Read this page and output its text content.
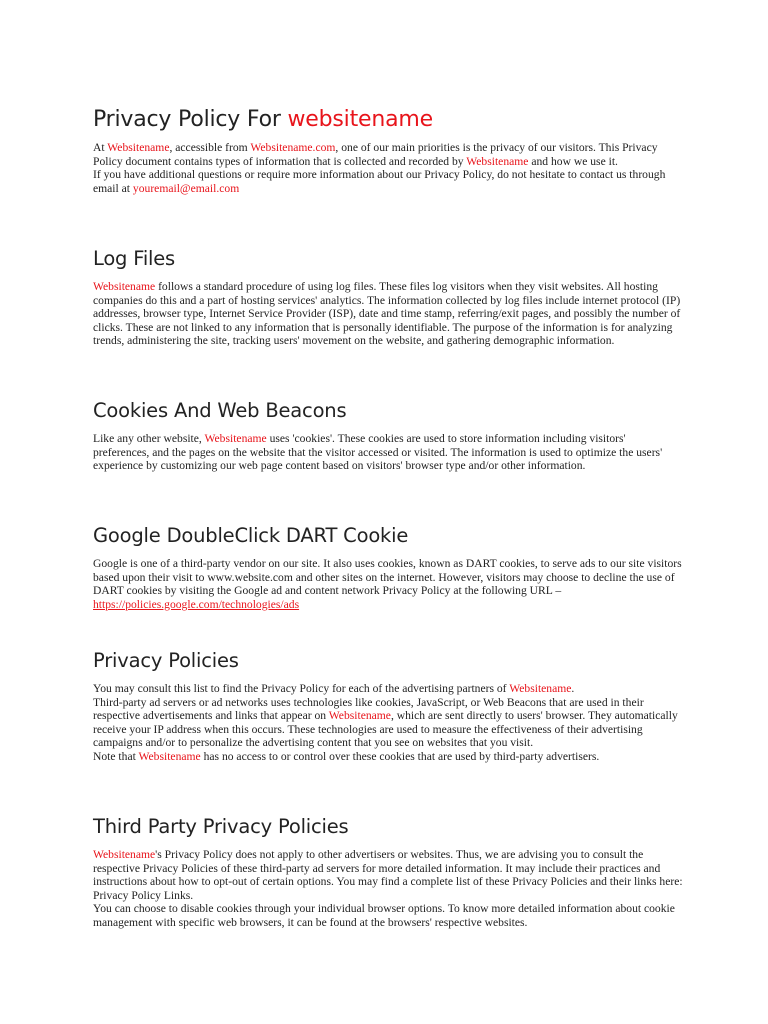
Privacy Policy For websitename

At Websitename, accessible from Websitename.com, one of our main priorities is the privacy of our visitors. This Privacy Policy document contains types of information that is collected and recorded by Websitename and how we use it.
If you have additional questions or require more information about our Privacy Policy, do not hesitate to contact us through email at youremail@email.com

Log Files

Websitename follows a standard procedure of using log files. These files log visitors when they visit websites. All hosting companies do this and a part of hosting services' analytics. The information collected by log files include internet protocol (IP) addresses, browser type, Internet Service Provider (ISP), date and time stamp, referring/exit pages, and possibly the number of clicks. These are not linked to any information that is personally identifiable. The purpose of the information is for analyzing trends, administering the site, tracking users' movement on the website, and gathering demographic information.

Cookies And Web Beacons

Like any other website, Websitename uses 'cookies'. These cookies are used to store information including visitors' preferences, and the pages on the website that the visitor accessed or visited. The information is used to optimize the users' experience by customizing our web page content based on visitors' browser type and/or other information.

Google DoubleClick DART Cookie

Google is one of a third-party vendor on our site. It also uses cookies, known as DART cookies, to serve ads to our site visitors based upon their visit to www.website.com and other sites on the internet. However, visitors may choose to decline the use of DART cookies by visiting the Google ad and content network Privacy Policy at the following URL – https://policies.google.com/technologies/ads

Privacy Policies

You may consult this list to find the Privacy Policy for each of the advertising partners of Websitename.
Third-party ad servers or ad networks uses technologies like cookies, JavaScript, or Web Beacons that are used in their respective advertisements and links that appear on Websitename, which are sent directly to users' browser. They automatically receive your IP address when this occurs. These technologies are used to measure the effectiveness of their advertising campaigns and/or to personalize the advertising content that you see on websites that you visit.
Note that Websitename has no access to or control over these cookies that are used by third-party advertisers.

Third Party Privacy Policies

Websitename's Privacy Policy does not apply to other advertisers or websites. Thus, we are advising you to consult the respective Privacy Policies of these third-party ad servers for more detailed information. It may include their practices and instructions about how to opt-out of certain options. You may find a complete list of these Privacy Policies and their links here: Privacy Policy Links.
You can choose to disable cookies through your individual browser options. To know more detailed information about cookie management with specific web browsers, it can be found at the browsers' respective websites.
